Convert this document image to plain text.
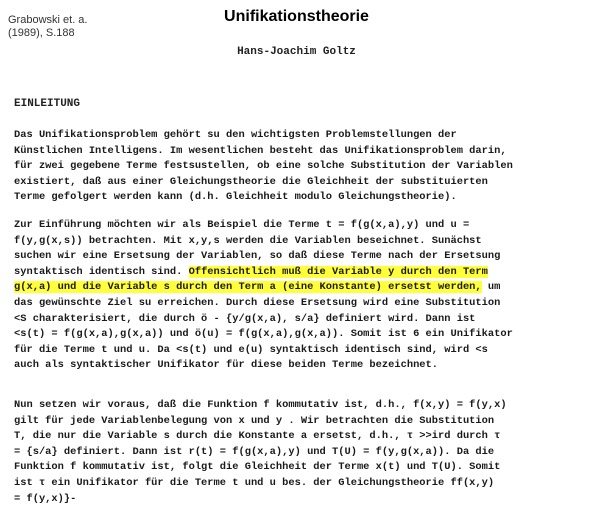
Grabowski et. a.
(1989), S.188
Unifikationstheorie
Hans-Joachim Goltz
EINLEITUNG
Das Unifikationsproblem gehört su den wichtigsten Problemstellungen der
Künstlichen Intelligens. Im wesentlichen besteht das Unifikationsproblem darin,
für zwei gegebene Terme festsustellen, ob eine solche Substitution der Variablen
existiert, daß aus einer Gleichungstheorie die Gleichheit der substituierten
Terme gefolgert werden kann (d.h. Gleichheit modulo Gleichungstheorie).
Zur Einführung möchten wir als Beispiel die Terme t = f(g(x,a),y) und u =
f(y,g(x,s)) betrachten. Mit x,y,s werden die Variablen beseichnet. Sunächst
suchen wir eine Ersetsung der Variablen, so daß diese Terme nach der Ersetsung
syntaktisch identisch sind. Offensichtlich muß die Variable y durch den Term
g(x,a) und die Variable s durch den Term a (eine Konstante) ersetst werden, um
das gewünschte Ziel su erreichen. Durch diese Ersetsung wird eine Substitution
<S charakterisiert, die durch ö - {y/g(x,a), s/a} definiert wird. Dann ist
<s(t) = f(g(x,a),g(x,a)) und ö(u) = f(g(x,a),g(x,a)). Somit ist 6 ein Unifikator
für die Terme t und u. Da <s(t) und e(u) syntaktisch identisch sind, wird <s
auch als syntaktischer Unifikator für diese beiden Terme bezeichnet.
Nun setzen wir voraus, daß die Funktion f kommutativ ist, d.h., f(x,y) = f(y,x)
gilt für jede Variablenbelegung von x und y . Wir betrachten die Substitution
T, die nur die Variable s durch die Konstante a ersetst, d.h., τ >>ird durch τ
= {s/a} definiert. Dann ist r(t) = f(g(x,a),y) und T(U) = f(y,g(x,a)). Da die
Funktion f kommutativ ist, folgt die Gleichheit der Terme x(t) und T(U). Somit
ist τ ein Unifikator für die Terme t und u bes. der Gleichungstheorie ff(x,y)
= f(y,x)}-
